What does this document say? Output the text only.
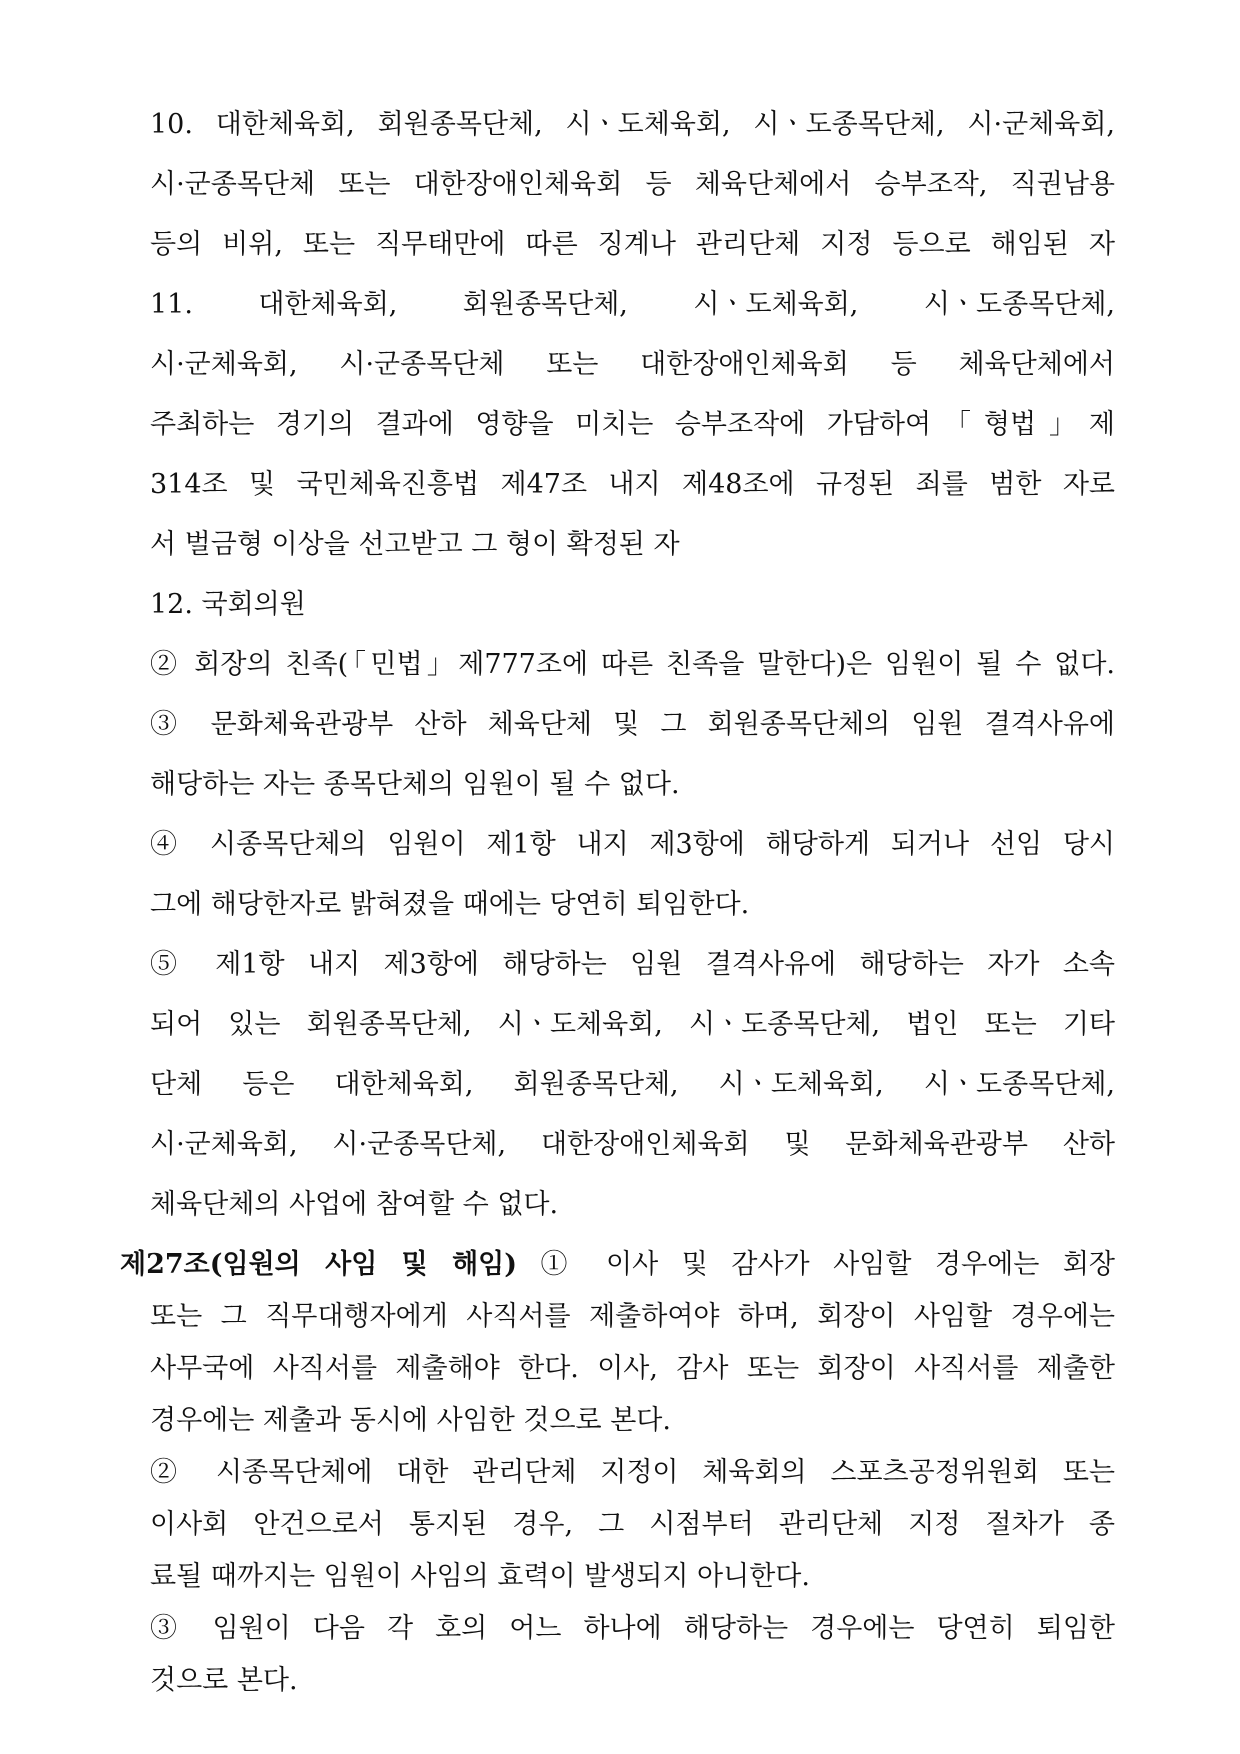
10. 대한체육회, 회원종목단체, 시ㆍ도체육회, 시ㆍ도종목단체, 시·군체육회,
시·군종목단체 또는 대한장애인체육회 등 체육단체에서 승부조작, 직권남용
등의 비위, 또는 직무태만에 따른 징계나 관리단체 지정 등으로 해임된 자
11. 대한체육회, 회원종목단체, 시ㆍ도체육회, 시ㆍ도종목단체,
시·군체육회, 시·군종목단체 또는 대한장애인체육회 등 체육단체에서
주최하는 경기의 결과에 영향을 미치는 승부조작에 가담하여「형법」제
314조 및 국민체육진흥법 제47조 내지 제48조에 규정된 죄를 범한 자로
서 벌금형 이상을 선고받고 그 형이 확정된 자
12. 국회의원
② 회장의 친족(「민법」제777조에 따른 친족을 말한다)은 임원이 될 수 없다.
③ 문화체육관광부 산하 체육단체 및 그 회원종목단체의 임원 결격사유에
해당하는 자는 종목단체의 임원이 될 수 없다.
④ 시종목단체의 임원이 제1항 내지 제3항에 해당하게 되거나 선임 당시
그에 해당한자로 밝혀졌을 때에는 당연히 퇴임한다.
⑤ 제1항 내지 제3항에 해당하는 임원 결격사유에 해당하는 자가 소속
되어 있는 회원종목단체, 시ㆍ도체육회, 시ㆍ도종목단체, 법인 또는 기타
단체 등은 대한체육회, 회원종목단체, 시ㆍ도체육회, 시ㆍ도종목단체,
시·군체육회, 시·군종목단체, 대한장애인체육회 및 문화체육관광부 산하
체육단체의 사업에 참여할 수 없다.
제27조(임원의 사임 및 해임) ① 이사 및 감사가 사임할 경우에는 회장
또는 그 직무대행자에게 사직서를 제출하여야 하며, 회장이 사임할 경우에는
사무국에 사직서를 제출해야 한다. 이사, 감사 또는 회장이 사직서를 제출한
경우에는 제출과 동시에 사임한 것으로 본다.
② 시종목단체에 대한 관리단체 지정이 체육회의 스포츠공정위원회 또는
이사회 안건으로서 통지된 경우, 그 시점부터 관리단체 지정 절차가 종
료될 때까지는 임원이 사임의 효력이 발생되지 아니한다.
③ 임원이 다음 각 호의 어느 하나에 해당하는 경우에는 당연히 퇴임한
것으로 본다.
